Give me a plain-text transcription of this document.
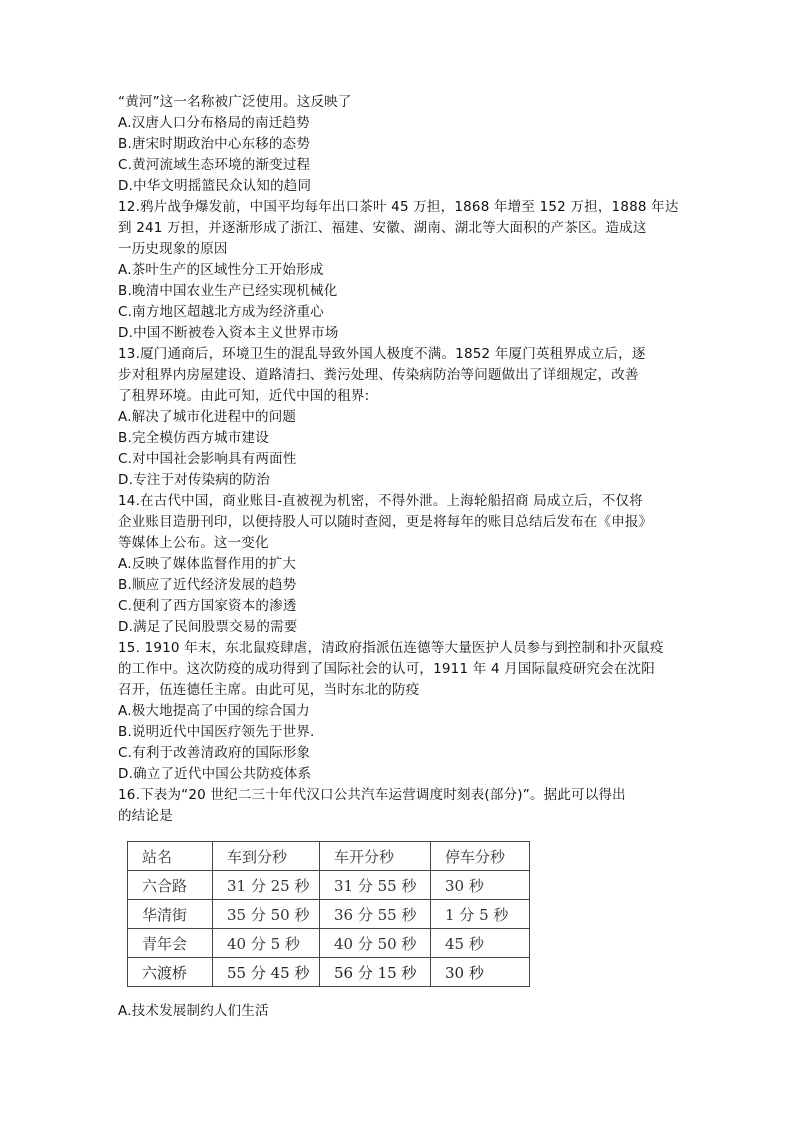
“黄河”这一名称被广泛使用。这反映了
A.汉唐人口分布格局的南迁趋势
B.唐宋时期政治中心东移的态势
C.黄河流域生态环境的渐变过程
D.中华文明摇篮民众认知的趋同
12.鸦片战争爆发前，中国平均每年出口茶叶 45 万担，1868 年增至 152 万担，1888 年达
到 241 万担，并逐渐形成了浙江、福建、安徽、湖南、湖北等大面积的产茶区。造成这
一历史现象的原因
A.茶叶生产的区域性分工开始形成
B.晚清中国农业生产已经实现机械化
C.南方地区超越北方成为经济重心
D.中国不断被卷入资本主义世界市场
13.厦门通商后，环境卫生的混乱导致外国人极度不满。1852 年厦门英租界成立后，逐
步对租界内房屋建设、道路清扫、粪污处理、传染病防治等问题做出了详细规定，改善
了租界环境。由此可知，近代中国的租界:
A.解决了城市化进程中的问题
B.完全模仿西方城市建设
C.对中国社会影响具有两面性
D.专注于对传染病的防治
14.在古代中国，商业账目-直被视为机密，不得外泄。上海轮船招商 局成立后，不仅将
企业账目造册刊印，以便持股人可以随时查阅，更是将每年的账目总结后发布在《申报》
等媒体上公布。这一变化
A.反映了媒体监督作用的扩大
B.顺应了近代经济发展的趋势
C.便利了西方国家资本的渗透
D.满足了民间股票交易的需要
15. 1910 年末，东北鼠疫肆虐，清政府指派伍连德等大量医护人员参与到控制和扑灭鼠疫
的工作中。这次防疫的成功得到了国际社会的认可，1911 年 4 月国际鼠疫研究会在沈阳
召开，伍连德任主席。由此可见，当时东北的防疫
A.极大地提高了中国的综合国力
B.说明近代中国医疗领先于世界.
C.有利于改善清政府的国际形象
D.确立了近代中国公共防疫体系
16.下表为“20 世纪二三十年代汉口公共汽车运营调度时刻表(部分)”。据此可以得出
的结论是
站名	车到分秒	车开分秒	停车分秒
六合路	31 分 25 秒	31 分 55 秒	30 秒
华清街	35 分 50 秒	36 分 55 秒	1 分 5 秒
青年会	40 分 5 秒	40 分 50 秒	45 秒
六渡桥	55 分 45 秒	56 分 15 秒	30 秒
A.技术发展制约人们生活
